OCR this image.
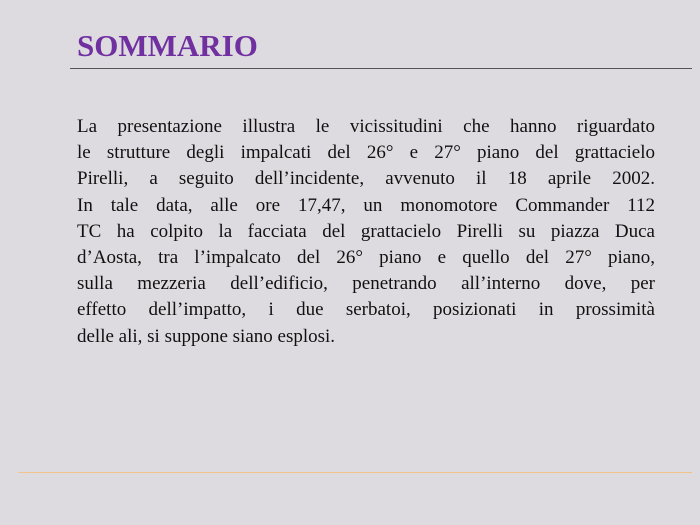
SOMMARIO
La presentazione illustra le vicissitudini che hanno riguardato
le strutture degli impalcati del 26° e 27° piano del grattacielo
Pirelli, a seguito dell’incidente, avvenuto il 18 aprile 2002.
In tale data, alle ore 17,47, un monomotore Commander 112
TC ha colpito la facciata del grattacielo Pirelli su piazza Duca
d’Aosta, tra l’impalcato del 26° piano e quello del 27° piano,
sulla mezzeria dell’edificio, penetrando all’interno dove, per
effetto dell’impatto, i due serbatoi, posizionati in prossimità
delle ali, si suppone siano esplosi.
